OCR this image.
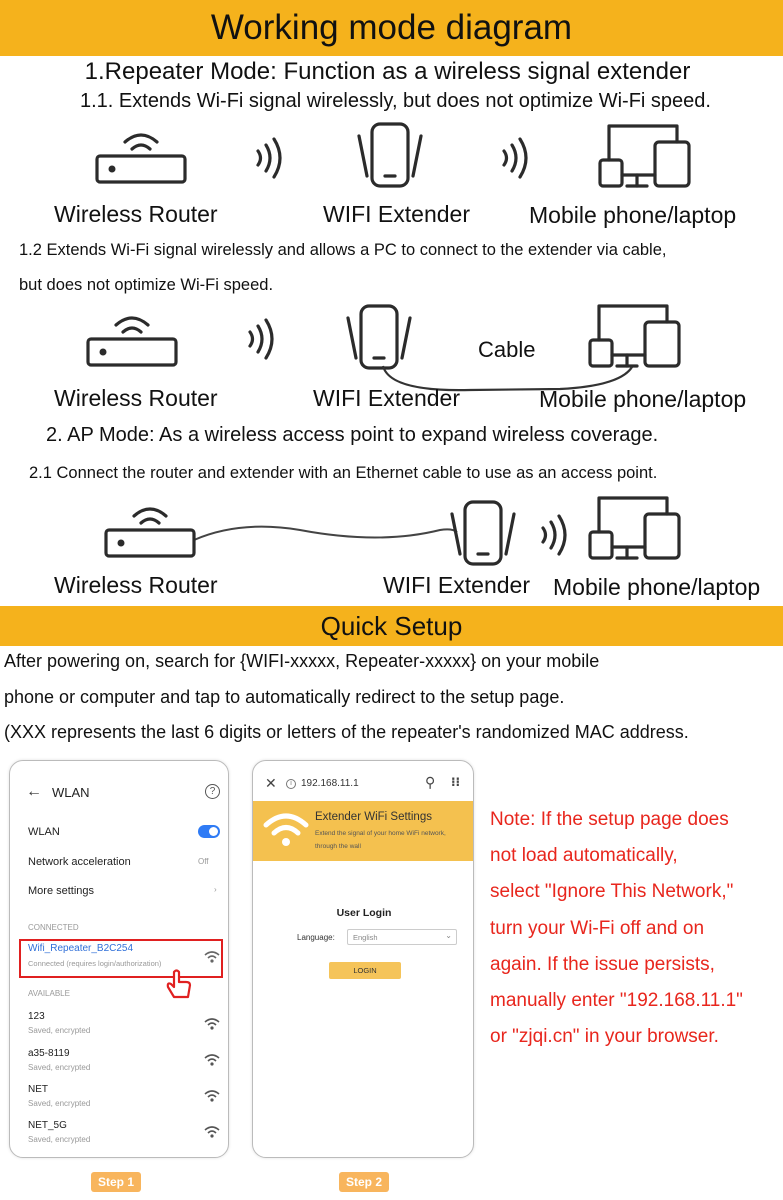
Working mode diagram
1.Repeater Mode: Function as a wireless signal extender
1.1. Extends Wi-Fi signal wirelessly, but does not optimize Wi-Fi speed.
Wireless Router	WIFI Extender	Mobile phone/laptop
1.2 Extends Wi-Fi signal wirelessly and allows a PC to connect to the extender via cable,
but does not optimize Wi-Fi speed.
Cable
Wireless Router	WIFI Extender	Mobile phone/laptop
2. AP Mode: As a wireless access point to expand wireless coverage.
2.1 Connect the router and extender with an Ethernet cable to use as an access point.
Wireless Router	WIFI Extender Mobile phone/laptop
Quick Setup
After powering on, search for {WIFI-xxxxx, Repeater-xxxxx} on your mobile
phone or computer and tap to automatically redirect to the setup page.
(XXX represents the last 6 digits or letters of the repeater's randomized MAC address.
← WLAN	?
WLAN
Network acceleration	Off
More settings	›
CONNECTED
Wifi_Repeater_B2C254
Connected (requires login/authorization)
AVAILABLE
123
Saved, encrypted
a35-8119
Saved, encrypted
NET
Saved, encrypted
NET_5G
Saved, encrypted
Step 1
✕	i 192.168.11.1	⚲ ⁝⁝
Extender WiFi Settings
Extend the signal of your home WiFi network,
through the wall
User Login
Language: English	⌄
LOGIN
Step 2

Note: If the setup page does

not load automatically,

select "Ignore This Network,"

turn your Wi-Fi off and on

again. If the issue persists,

manually enter "192.168.11.1"

or "zjqi.cn" in your browser.
